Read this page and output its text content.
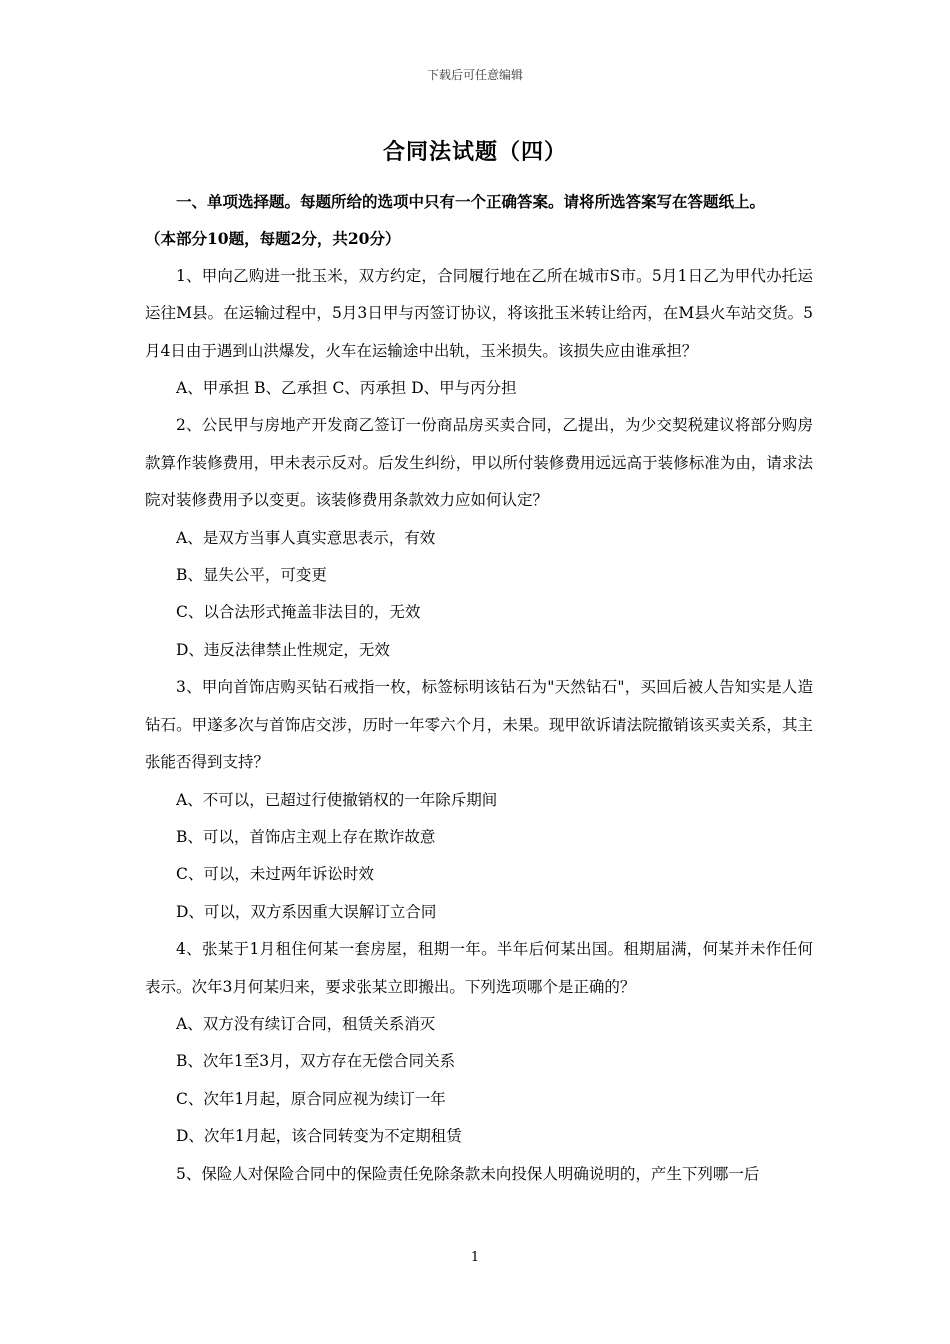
下载后可任意编辑
合同法试题（四）

一、单项选择题。每题所给的选项中只有一个正确答案。请将所选答案写在答题纸上。

（本部分10题，每题2分，共20分）

1、甲向乙购进一批玉米，双方约定，合同履行地在乙所在城市S市。5月1日乙为甲代办托运运往M县。在运输过程中，5月3日甲与丙签订协议，将该批玉米转让给丙，在M县火车站交货。5月4日由于遇到山洪爆发，火车在运输途中出轨，玉米损失。该损失应由谁承担？

A、甲承担 B、乙承担 C、丙承担 D、甲与丙分担

2、公民甲与房地产开发商乙签订一份商品房买卖合同，乙提出，为少交契税建议将部分购房款算作装修费用，甲未表示反对。后发生纠纷，甲以所付装修费用远远高于装修标准为由，请求法院对装修费用予以变更。该装修费用条款效力应如何认定？

A、是双方当事人真实意思表示，有效

B、显失公平，可变更

C、以合法形式掩盖非法目的，无效

D、违反法律禁止性规定，无效

3、甲向首饰店购买钻石戒指一枚，标签标明该钻石为"天然钻石"，买回后被人告知实是人造钻石。甲遂多次与首饰店交涉，历时一年零六个月，未果。现甲欲诉请法院撤销该买卖关系，其主张能否得到支持？

A、不可以，已超过行使撤销权的一年除斥期间

B、可以，首饰店主观上存在欺诈故意

C、可以，未过两年诉讼时效

D、可以，双方系因重大误解订立合同

4、张某于1月租住何某一套房屋，租期一年。半年后何某出国。租期届满，何某并未作任何表示。次年3月何某归来，要求张某立即搬出。下列选项哪个是正确的？

A、双方没有续订合同，租赁关系消灭

B、次年1至3月，双方存在无偿合同关系

C、次年1月起，原合同应视为续订一年

D、次年1月起，该合同转变为不定期租赁

5、保险人对保险合同中的保险责任免除条款未向投保人明确说明的，产生下列哪一后

1
